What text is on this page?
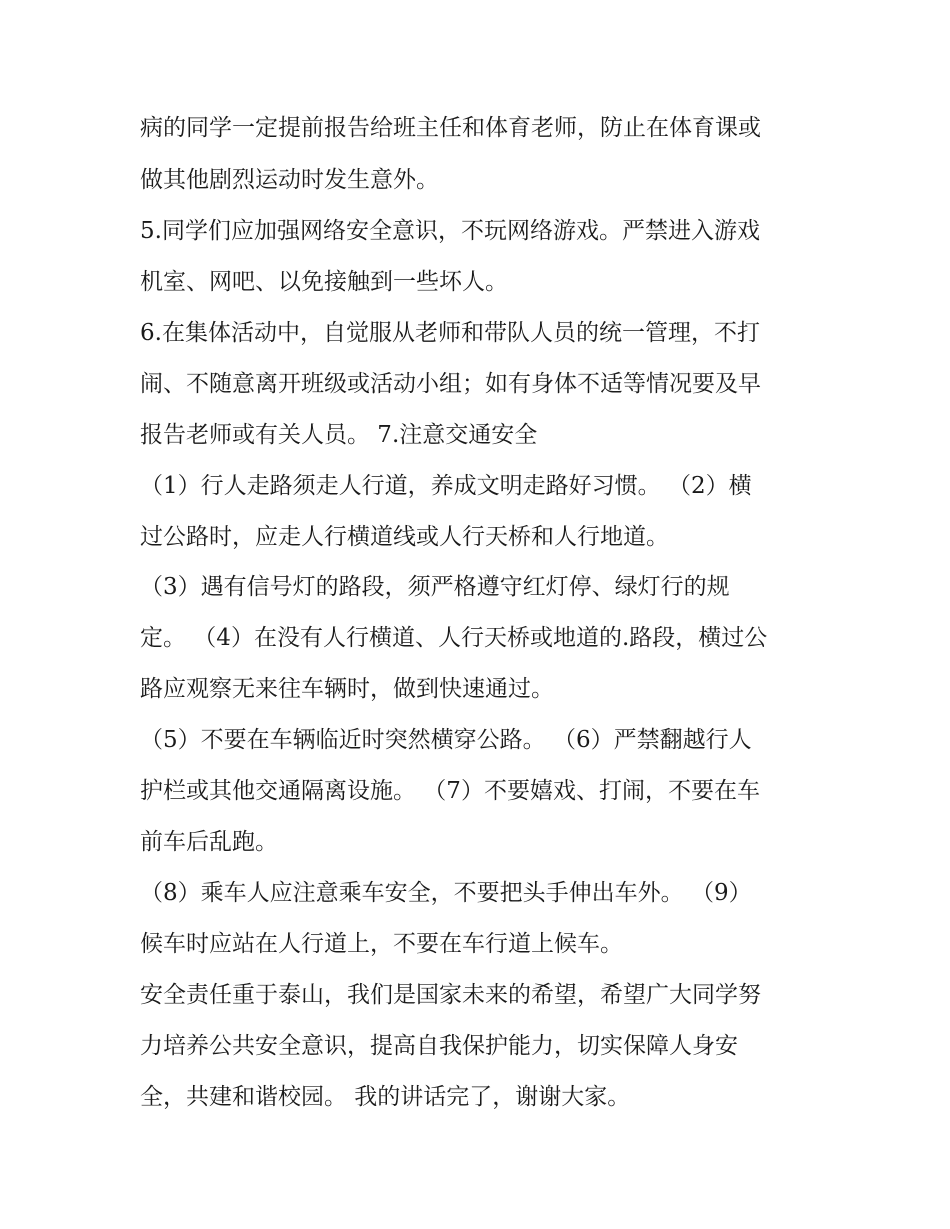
病的同学一定提前报告给班主任和体育老师，防止在体育课或
做其他剧烈运动时发生意外。
5.同学们应加强网络安全意识，不玩网络游戏。严禁进入游戏
机室、网吧、以免接触到一些坏人。
6.在集体活动中，自觉服从老师和带队人员的统一管理，不打
闹、不随意离开班级或活动小组；如有身体不适等情况要及早
报告老师或有关人员。 7.注意交通安全
（1）行人走路须走人行道，养成文明走路好习惯。 （2）横
过公路时，应走人行横道线或人行天桥和人行地道。
（3）遇有信号灯的路段，须严格遵守红灯停、绿灯行的规
定。 （4）在没有人行横道、人行天桥或地道的.路段，横过公
路应观察无来往车辆时，做到快速通过。
（5）不要在车辆临近时突然横穿公路。 （6）严禁翻越行人
护栏或其他交通隔离设施。 （7）不要嬉戏、打闹，不要在车
前车后乱跑。
（8）乘车人应注意乘车安全，不要把头手伸出车外。 （9）
候车时应站在人行道上，不要在车行道上候车。
安全责任重于泰山，我们是国家未来的希望，希望广大同学努
力培养公共安全意识，提高自我保护能力，切实保障人身安
全，共建和谐校园。 我的讲话完了，谢谢大家。
